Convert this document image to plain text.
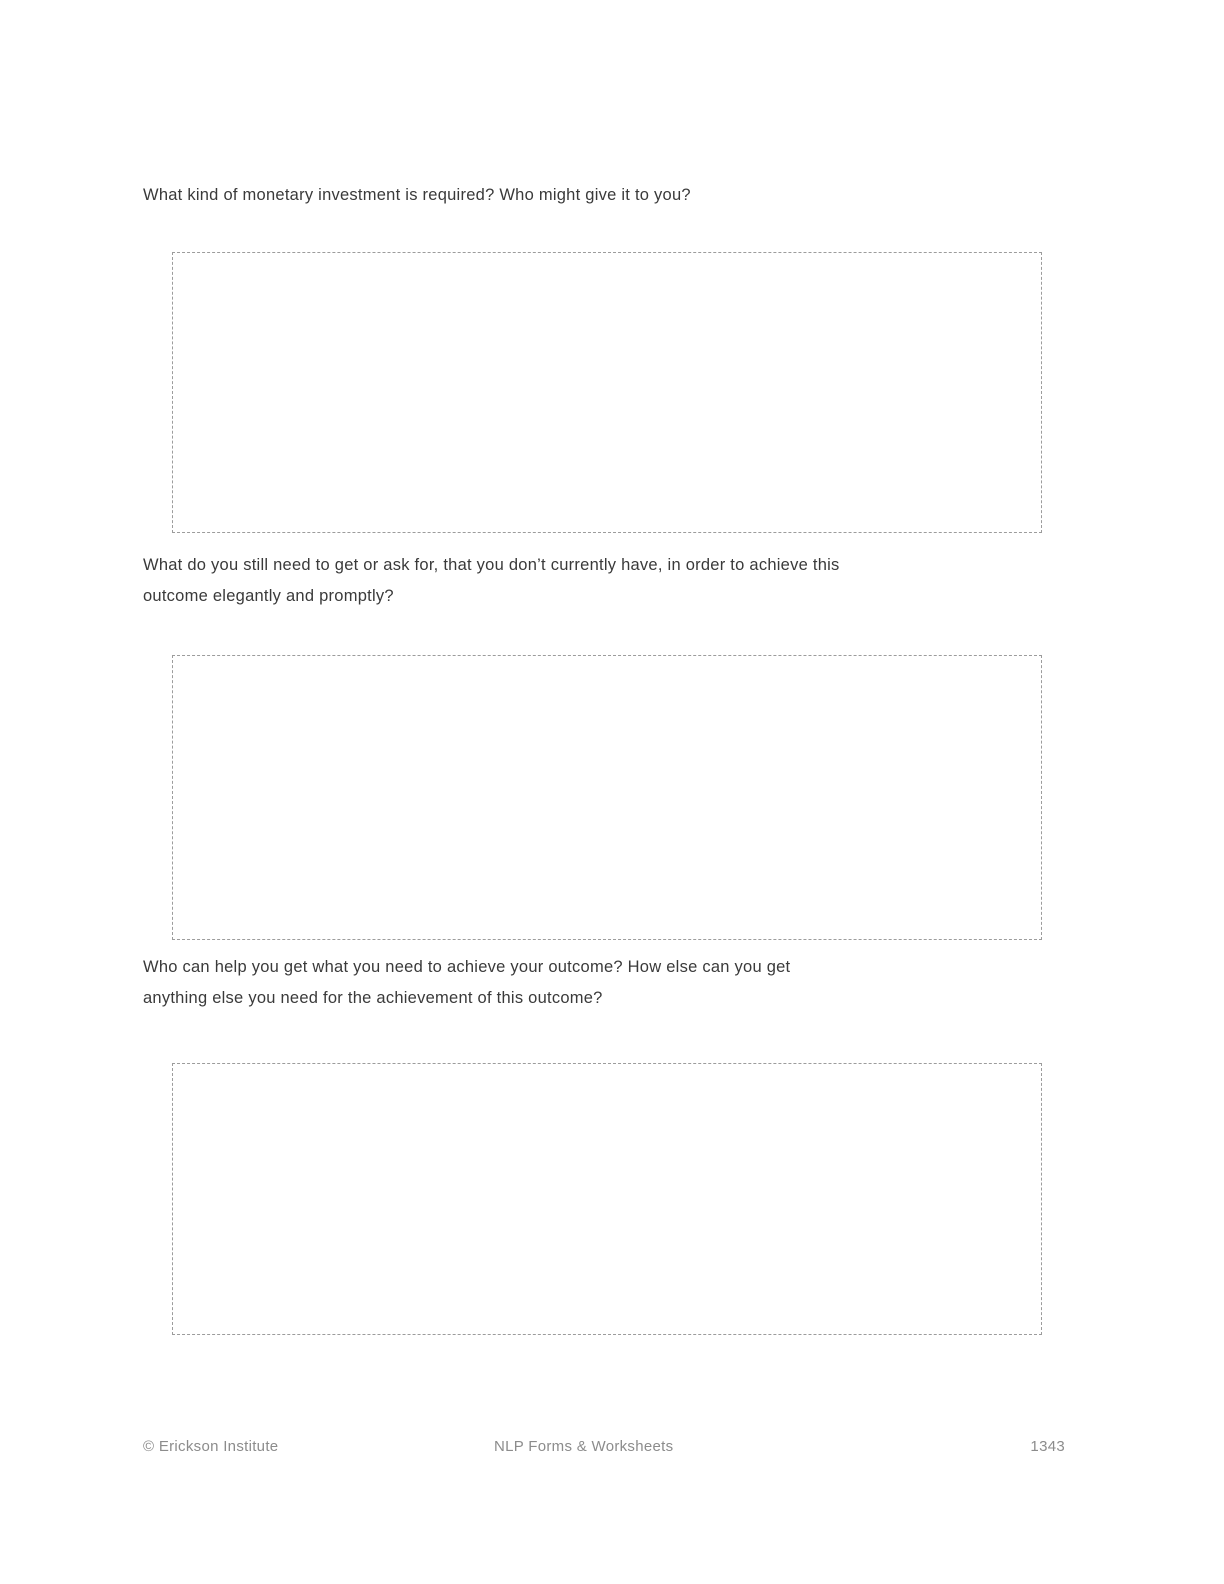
What kind of monetary investment is required? Who might give it to you?

What do you still need to get or ask for, that you don’t currently have, in order to achieve this
outcome elegantly and promptly?

Who can help you get what you need to achieve your outcome? How else can you get
anything else you need for the achievement of this outcome?

© Erickson Institute	NLP Forms & Worksheets	1343
